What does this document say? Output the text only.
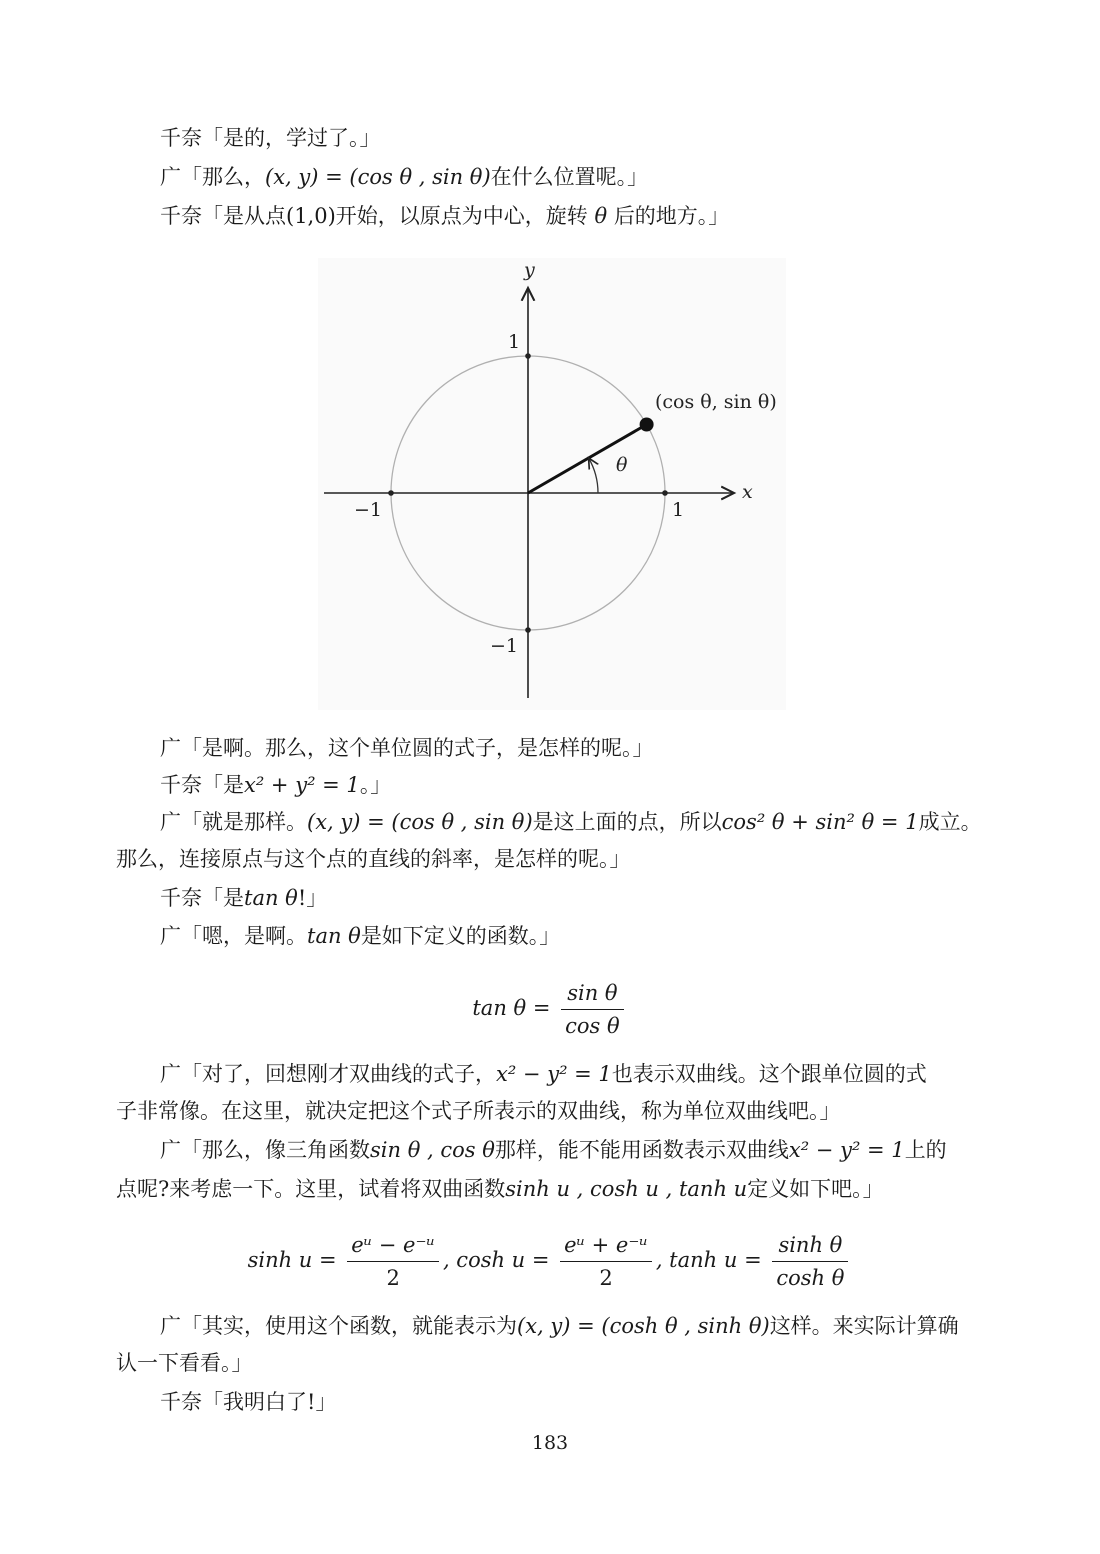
千奈「是的，学过了。」
广「那么，(x, y) = (cos θ , sin θ)在什么位置呢。」
千奈「是从点(1,0)开始，以原点为中心，旋转 θ 后的地方。」
y
x
1
−1
1
−1
(cos θ, sin θ)
θ
广「是啊。那么，这个单位圆的式子，是怎样的呢。」
千奈「是x² + y² = 1。」
广「就是那样。(x, y) = (cos θ , sin θ)是这上面的点，所以cos² θ + sin² θ = 1成立。
那么，连接原点与这个点的直线的斜率，是怎样的呢。」
千奈「是tan θ!」
广「嗯，是啊。tan θ是如下定义的函数。」
$\tan \theta = \frac{\text{sin θ}}{\text{cos θ}}$
广「对了，回想刚才双曲线的式子，x² − y² = 1也表示双曲线。这个跟单位圆的式
子非常像。在这里，就决定把这个式子所表示的双曲线，称为单位双曲线吧。」
广「那么，像三角函数sin θ , cos θ那样，能不能用函数表示双曲线x² − y² = 1上的
点呢?来考虑一下。这里，试着将双曲函数sinh u , cosh u , tanh u定义如下吧。」
$\sinh u = \frac{\text{eᵘ − e⁻ᵘ}}{2}$ , $\cosh u = \frac{\text{eᵘ + e⁻ᵘ}}{2}$ , $\tanh u = \frac{\text{sinh θ}}{\text{cosh θ}}$
广「其实，使用这个函数，就能表示为(x, y) = (cosh θ , sinh θ)这样。来实际计算确
认一下看看。」
千奈「我明白了!」
183
